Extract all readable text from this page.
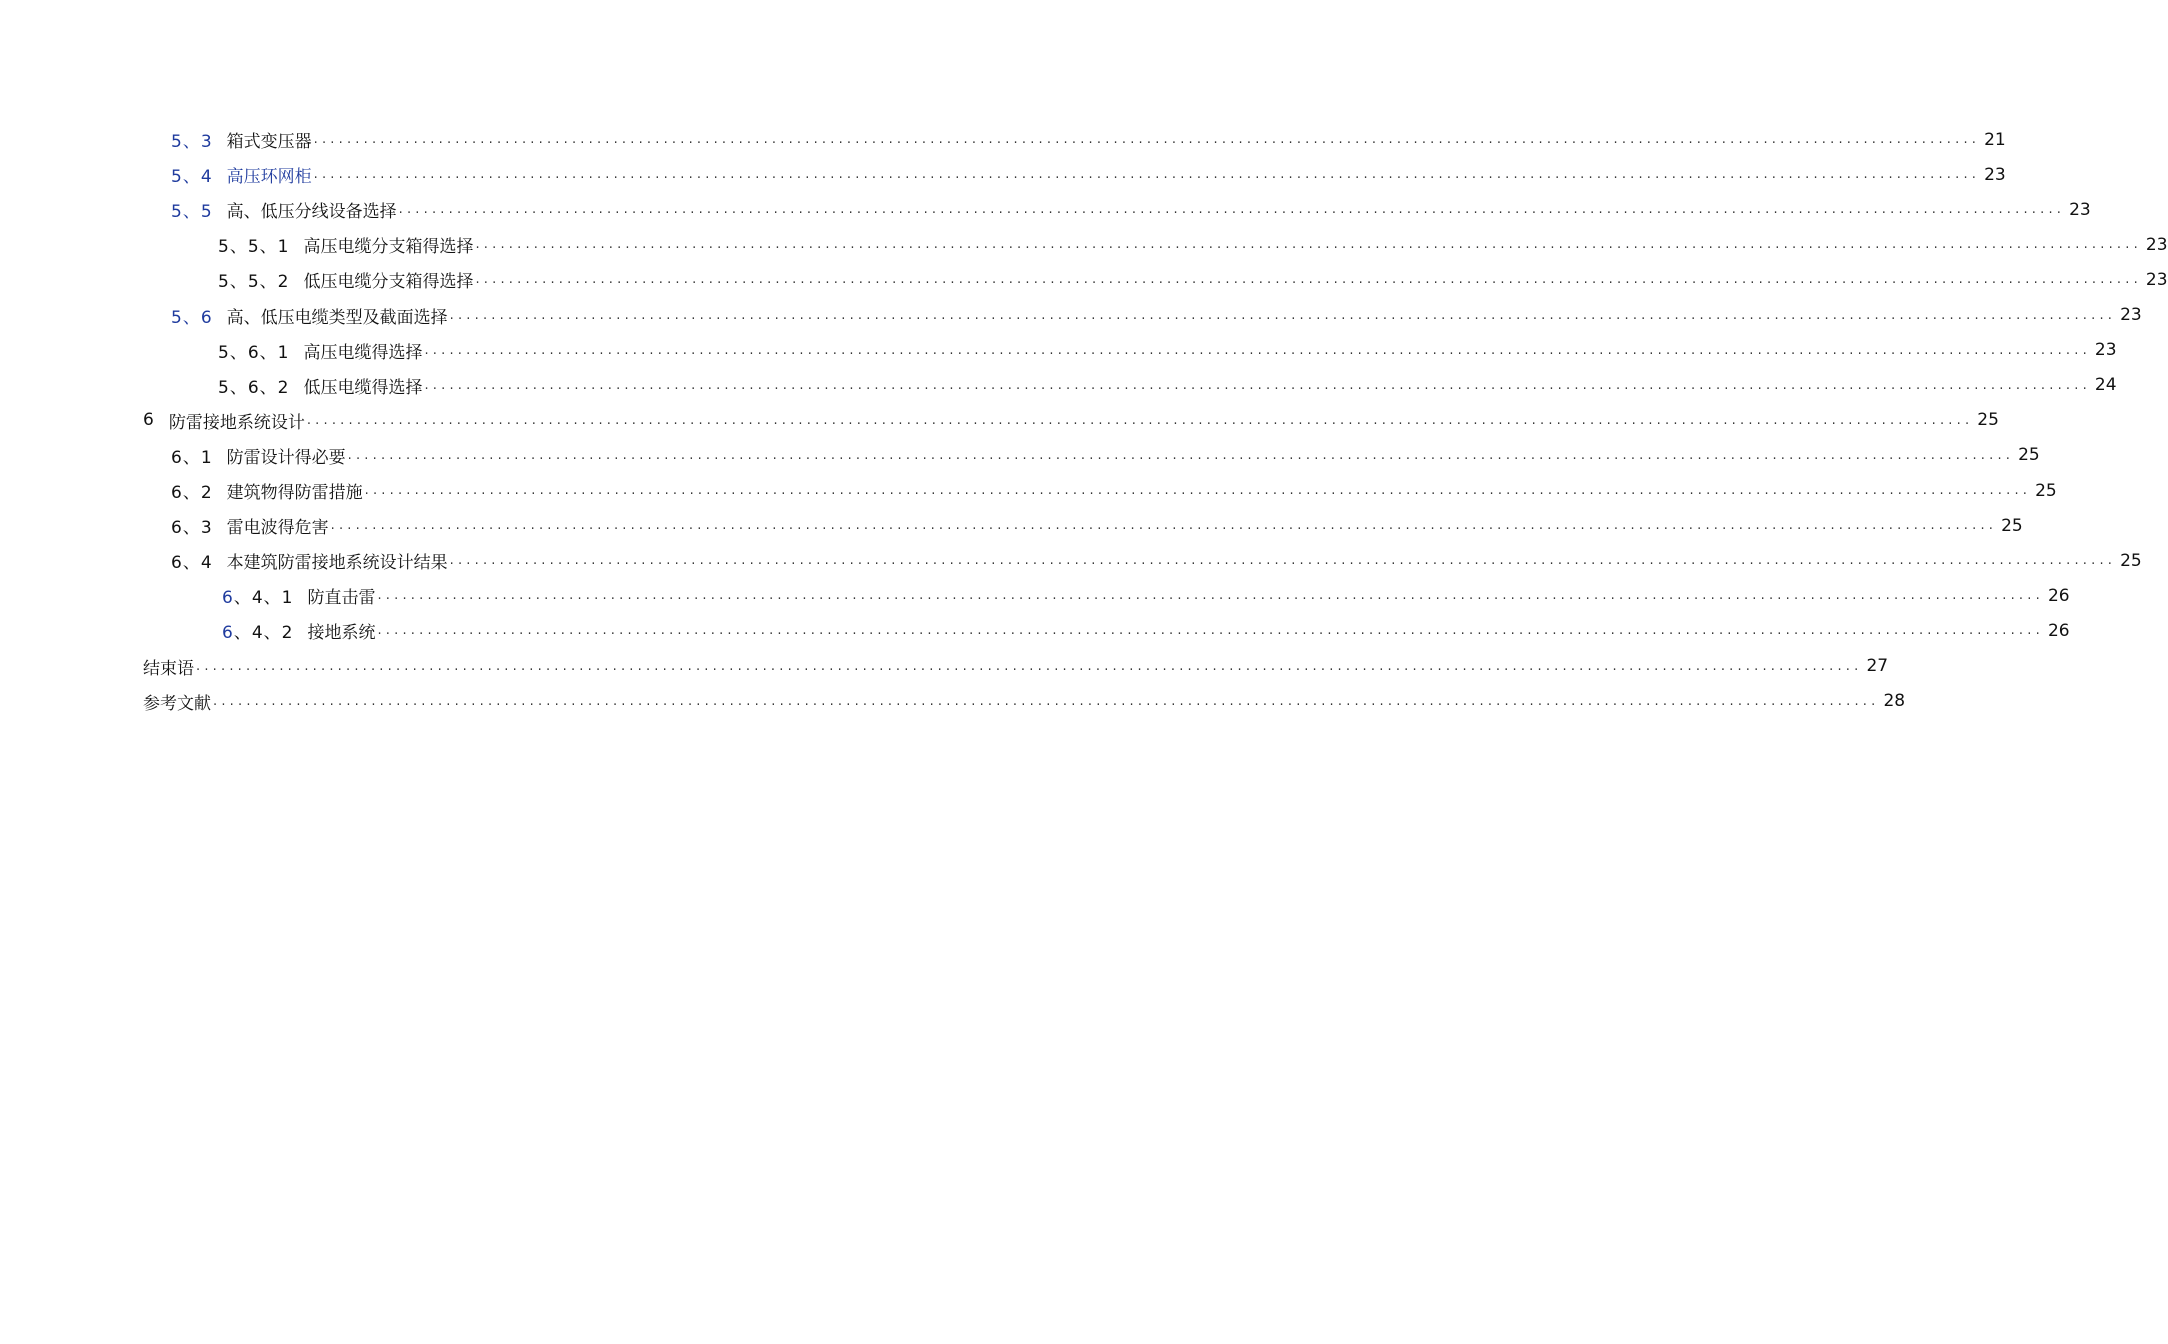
5、3 箱式变压器 ........................................................................................................................................................................................................ 21
5、4 高压环网柜 ........................................................................................................................................................................................................ 23
5、5 高、低压分线设备选择 ........................................................................................................................................................................................................ 23
5、5、1 高压电缆分支箱得选择 ........................................................................................................................................................................................................ 23
5、5、2 低压电缆分支箱得选择 ........................................................................................................................................................................................................ 23
5、6 高、低压电缆类型及截面选择 ........................................................................................................................................................................................................ 23
5、6、1 高压电缆得选择 ........................................................................................................................................................................................................ 23
5、6、2 低压电缆得选择 ........................................................................................................................................................................................................ 24
6 防雷接地系统设计 ........................................................................................................................................................................................................ 25
6、1 防雷设计得必要 ........................................................................................................................................................................................................ 25
6、2 建筑物得防雷措施 ........................................................................................................................................................................................................ 25
6、3 雷电波得危害 ........................................................................................................................................................................................................ 25
6、4 本建筑防雷接地系统设计结果 ........................................................................................................................................................................................................ 25
6、4、1 防直击雷 ........................................................................................................................................................................................................ 26
6、4、2 接地系统 ........................................................................................................................................................................................................ 26
结束语 ........................................................................................................................................................................................................ 27
参考文献 ........................................................................................................................................................................................................ 28
